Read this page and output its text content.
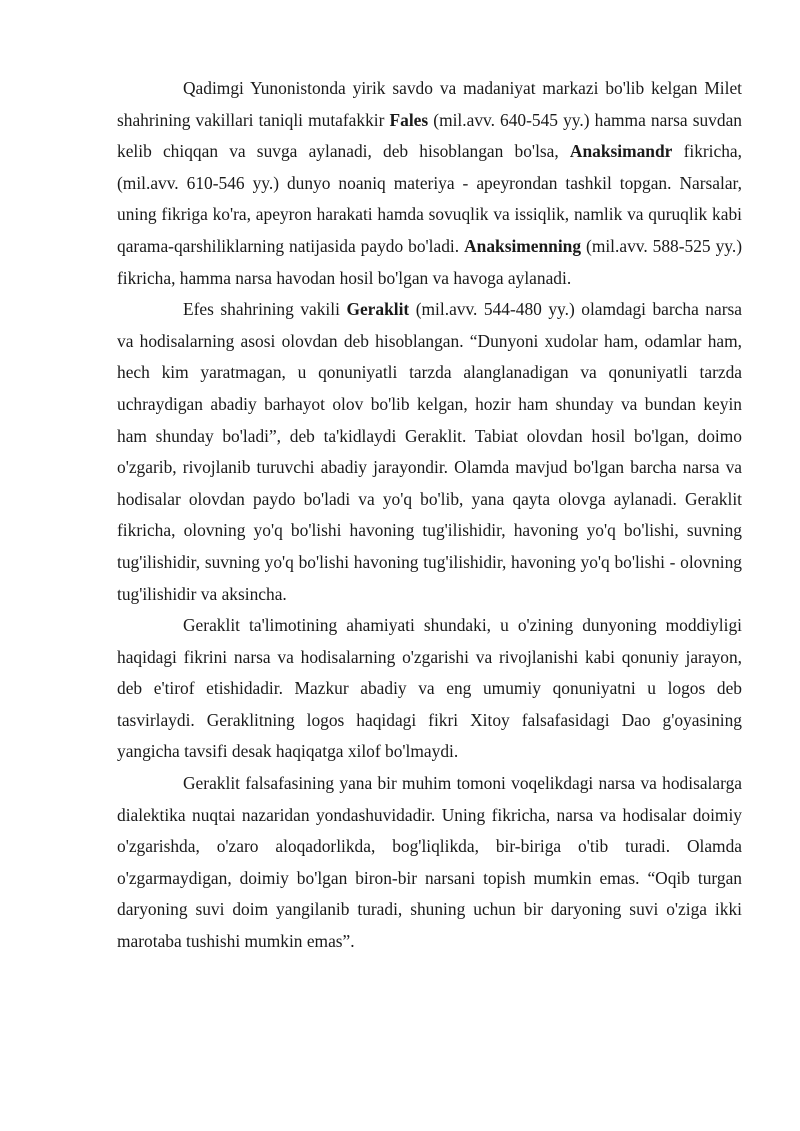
Qadimgi Yunonistonda yirik savdo va madaniyat markazi bo'lib kelgan Milet shahrining vakillari taniqli mutafakkir Fales (mil.avv. 640-545 yy.) hamma narsa suvdan kelib chiqqan va suvga aylanadi, deb hisoblangan bo'lsa, Anaksimandr fikricha, (mil.avv. 610-546 yy.) dunyo noaniq materiya - apeyrondan tashkil topgan. Narsalar, uning fikriga ko'ra, apeyron harakati hamda sovuqlik va issiqlik, namlik va quruqlik kabi qarama-qarshiliklarning natijasida paydo bo'ladi. Anaksimenning (mil.avv. 588-525 yy.) fikricha, hamma narsa havodan hosil bo'lgan va havoga aylanadi.

Efes shahrining vakili Geraklit (mil.avv. 544-480 yy.) olamdagi barcha narsa va hodisalarning asosi olovdan deb hisoblangan. “Dunyoni xudolar ham, odamlar ham, hech kim yaratmagan, u qonuniyatli tarzda alanglanadigan va qonuniyatli tarzda uchraydigan abadiy barhayot olov bo'lib kelgan, hozir ham shunday va bundan keyin ham shunday bo'ladi”, deb ta'kidlaydi Geraklit. Tabiat olovdan hosil bo'lgan, doimo o'zgarib, rivojlanib turuvchi abadiy jarayondir. Olamda mavjud bo'lgan barcha narsa va hodisalar olovdan paydo bo'ladi va yo'q bo'lib, yana qayta olovga aylanadi. Geraklit fikricha, olovning yo'q bo'lishi havoning tug'ilishidir, havoning yo'q bo'lishi, suvning tug'ilishidir, suvning yo'q bo'lishi havoning tug'ilishidir, havoning yo'q bo'lishi - olovning tug'ilishidir va aksincha.

Geraklit ta'limotining ahamiyati shundaki, u o'zining dunyoning moddiyligi haqidagi fikrini narsa va hodisalarning o'zgarishi va rivojlanishi kabi qonuniy jarayon, deb e'tirof etishidadir. Mazkur abadiy va eng umumiy qonuniyatni u logos deb tasvirlaydi. Geraklitning logos haqidagi fikri Xitoy falsafasidagi Dao g'oyasining yangicha tavsifi desak haqiqatga xilof bo'lmaydi.

Geraklit falsafasining yana bir muhim tomoni voqelikdagi narsa va hodisalarga dialektika nuqtai nazaridan yondashuvidadir. Uning fikricha, narsa va hodisalar doimiy o'zgarishda, o'zaro aloqadorlikda, bog'liqlikda, bir-biriga o'tib turadi. Olamda o'zgarmaydigan, doimiy bo'lgan biron-bir narsani topish mumkin emas. “Oqib turgan daryoning suvi doim yangilanib turadi, shuning uchun bir daryoning suvi o'ziga ikki marotaba tushishi mumkin emas”.
